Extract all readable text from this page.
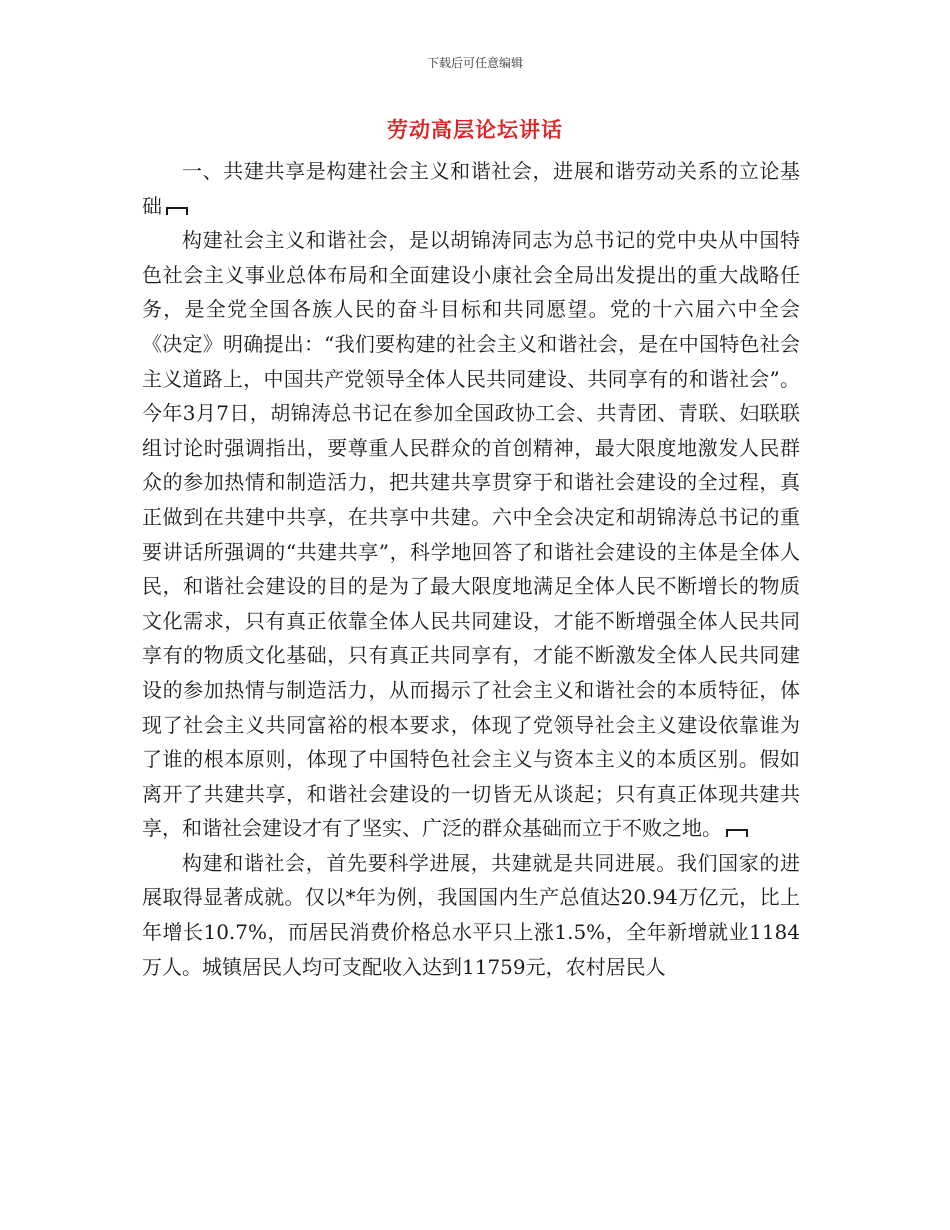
下载后可任意编辑
劳动高层论坛讲话

一、共建共享是构建社会主义和谐社会，进展和谐劳动关系的立论基础

构建社会主义和谐社会，是以胡锦涛同志为总书记的党中央从中国特色社会主义事业总体布局和全面建设小康社会全局出发提出的重大战略任务，是全党全国各族人民的奋斗目标和共同愿望。党的十六届六中全会《决定》明确提出：“我们要构建的社会主义和谐社会，是在中国特色社会主义道路上，中国共产党领导全体人民共同建设、共同享有的和谐社会”。今年3月7日，胡锦涛总书记在参加全国政协工会、共青团、青联、妇联联组讨论时强调指出，要尊重人民群众的首创精神，最大限度地激发人民群众的参加热情和制造活力，把共建共享贯穿于和谐社会建设的全过程，真正做到在共建中共享，在共享中共建。六中全会决定和胡锦涛总书记的重要讲话所强调的“共建共享”，科学地回答了和谐社会建设的主体是全体人民，和谐社会建设的目的是为了最大限度地满足全体人民不断增长的物质文化需求，只有真正依靠全体人民共同建设，才能不断增强全体人民共同享有的物质文化基础，只有真正共同享有，才能不断激发全体人民共同建设的参加热情与制造活力，从而揭示了社会主义和谐社会的本质特征，体现了社会主义共同富裕的根本要求，体现了党领导社会主义建设依靠谁为了谁的根本原则，体现了中国特色社会主义与资本主义的本质区别。假如离开了共建共享，和谐社会建设的一切皆无从谈起；只有真正体现共建共享，和谐社会建设才有了坚实、广泛的群众基础而立于不败之地。

构建和谐社会，首先要科学进展，共建就是共同进展。我们国家的进展取得显著成就。仅以*年为例，我国国内生产总值达20.94万亿元，比上年增长10.7%，而居民消费价格总水平只上涨1.5%，全年新增就业1184万人。城镇居民人均可支配收入达到11759元，农村居民人
